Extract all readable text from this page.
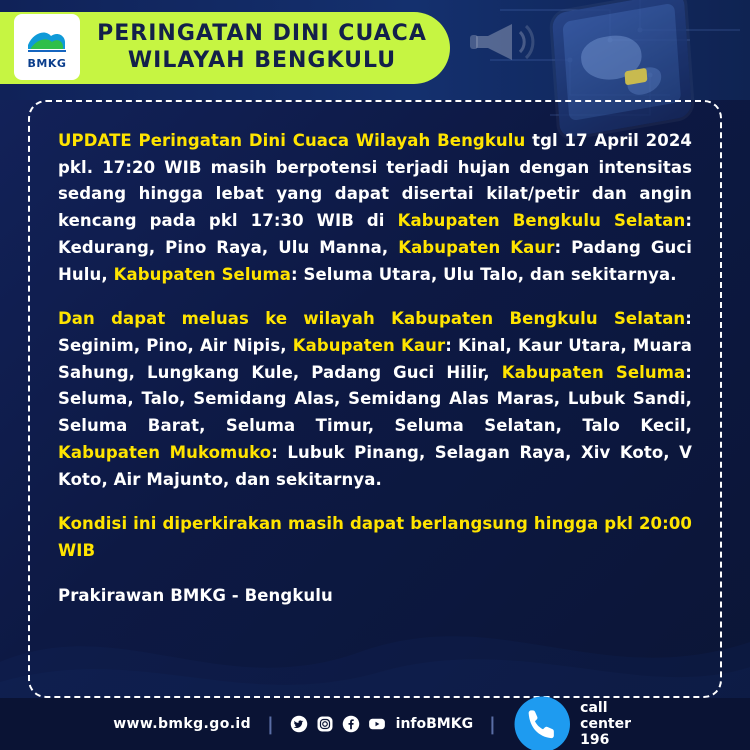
PERINGATAN DINI CUACA
WILAYAH BENGKULU
BMKG

UPDATE Peringatan Dini Cuaca Wilayah Bengkulu tgl 17 April 2024 pkl. 17:20 WIB masih berpotensi terjadi hujan dengan intensitas sedang hingga lebat yang dapat disertai kilat/petir dan angin kencang pada pkl 17:30 WIB di Kabupaten Bengkulu Selatan: Kedurang, Pino Raya, Ulu Manna, Kabupaten Kaur: Padang Guci Hulu, Kabupaten Seluma: Seluma Utara, Ulu Talo, dan sekitarnya.

Dan dapat meluas ke wilayah Kabupaten Bengkulu Selatan: Seginim, Pino, Air Nipis, Kabupaten Kaur: Kinal, Kaur Utara, Muara Sahung, Lungkang Kule, Padang Guci Hilir, Kabupaten Seluma: Seluma, Talo, Semidang Alas, Semidang Alas Maras, Lubuk Sandi, Seluma Barat, Seluma Timur, Seluma Selatan, Talo Kecil, Kabupaten Mukomuko: Lubuk Pinang, Selagan Raya, Xiv Koto, V Koto, Air Majunto, dan sekitarnya.

Kondisi ini diperkirakan masih dapat berlangsung hingga pkl 20:00 WIB

Prakirawan BMKG - Bengkulu

www.bmkg.go.id |	infoBMKG |
call center 196
